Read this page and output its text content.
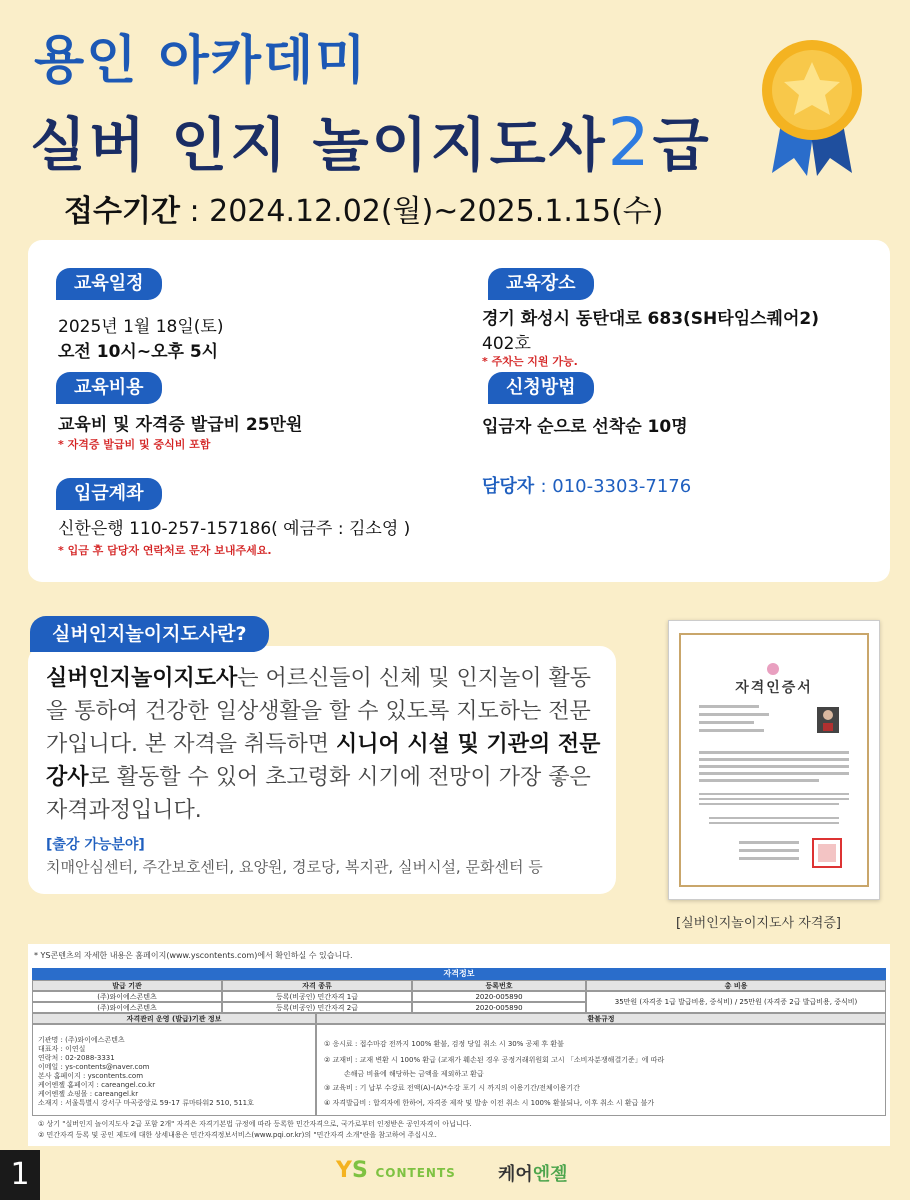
용인 아카데미
실버 인지 놀이지도사2급
접수기간 : 2024.12.02(월)~2025.1.15(수)
교육일정
2025년 1월 18일(토)
오전 10시~오후 5시
교육비용
교육비 및 자격증 발급비 25만원
* 자격증 발급비 및 중식비 포함
입금계좌
신한은행 110-257-157186( 예금주 : 김소영 )
* 입금 후 담당자 연락처로 문자 보내주세요.
교육장소
경기 화성시 동탄대로 683(SH타임스퀘어2)
402호
* 주차는 지원 가능.
신청방법
입금자 순으로 선착순 10명
담당자 : 010-3303-7176
실버인지놀이지도사는 어르신들이 신체 및 인지놀이 활동을 통하여 건강한 일상생활을 할 수 있도록 지도하는 전문가입니다. 본 자격을 취득하면 시니어 시설 및 기관의 전문강사로 활동할 수 있어 초고령화 시기에 전망이 가장 좋은 자격과정입니다.
[출강 가능분야]
치매안심센터, 주간보호센터, 요양원, 경로당, 복지관, 실버시설, 문화센터 등
실버인지놀이지도사란?
자격인증서
[실버인지놀이지도사 자격증]
* YS콘텐츠의 자세한 내용은 홈페이지(www.yscontents.com)에서 확인하실 수 있습니다.
자격정보
발급 기관	자격 종류	등록번호	총 비용
(주)와이에스콘텐츠	등록(비공인) 민간자격 1급	2020-005890
(주)와이에스콘텐츠	등록(비공인) 민간자격 2급	2020-005890
35만원 (자격증 1급 발급비용, 중식비) / 25만원 (자격증 2급 발급비용, 중식비)
자격관리 운영 (발급)기관 정보	환불규정
기관명 : (주)와이에스콘텐츠
대표자 : 이연실
연락처 : 02-2088-3331
이메일 : ys-contents@naver.com
본사 홈페이지 : yscontents.com
케어엔젤 홈페이지 : careangel.co.kr
케어엔젤 쇼핑몰 : careangel.kr
소재지 : 서울특별시 강서구 마곡중앙로 59-17 류마타워2 510, 511호
① 응시료 : 접수마감 전까지 100% 환불, 검정 당일 취소 시 30% 공제 후 환불
② 교재비 : 교재 변환 시 100% 환급 (교재가 훼손된 경우 공정거래위원회 고시 「소비자분쟁해결기준」에 따라
손해금 비율에 해당하는 금액을 제외하고 환급
③ 교육비 : 기 납부 수강료 전액(A)-(A)*수강 포기 시 까지의 이용기간/전체이용기간
④ 자격발급비 : 합격자에 한하여, 자격증 제작 및 발송 이전 취소 시 100% 환불되나, 이후 취소 시 환급 불가
① 상기 "실버인지 놀이지도사 2급 포함 2개" 자격은 자격기본법 규정에 따라 등록한 민간자격으로, 국가로부터 인정받은 공인자격이 아닙니다.
② 민간자격 등록 및 공인 제도에 대한 상세내용은 민간자격정보서비스(www.pqi.or.kr)의 "민간자격 소개"란을 참고하여 주십시오.
1	YS CONTENTS 케어엔젤
